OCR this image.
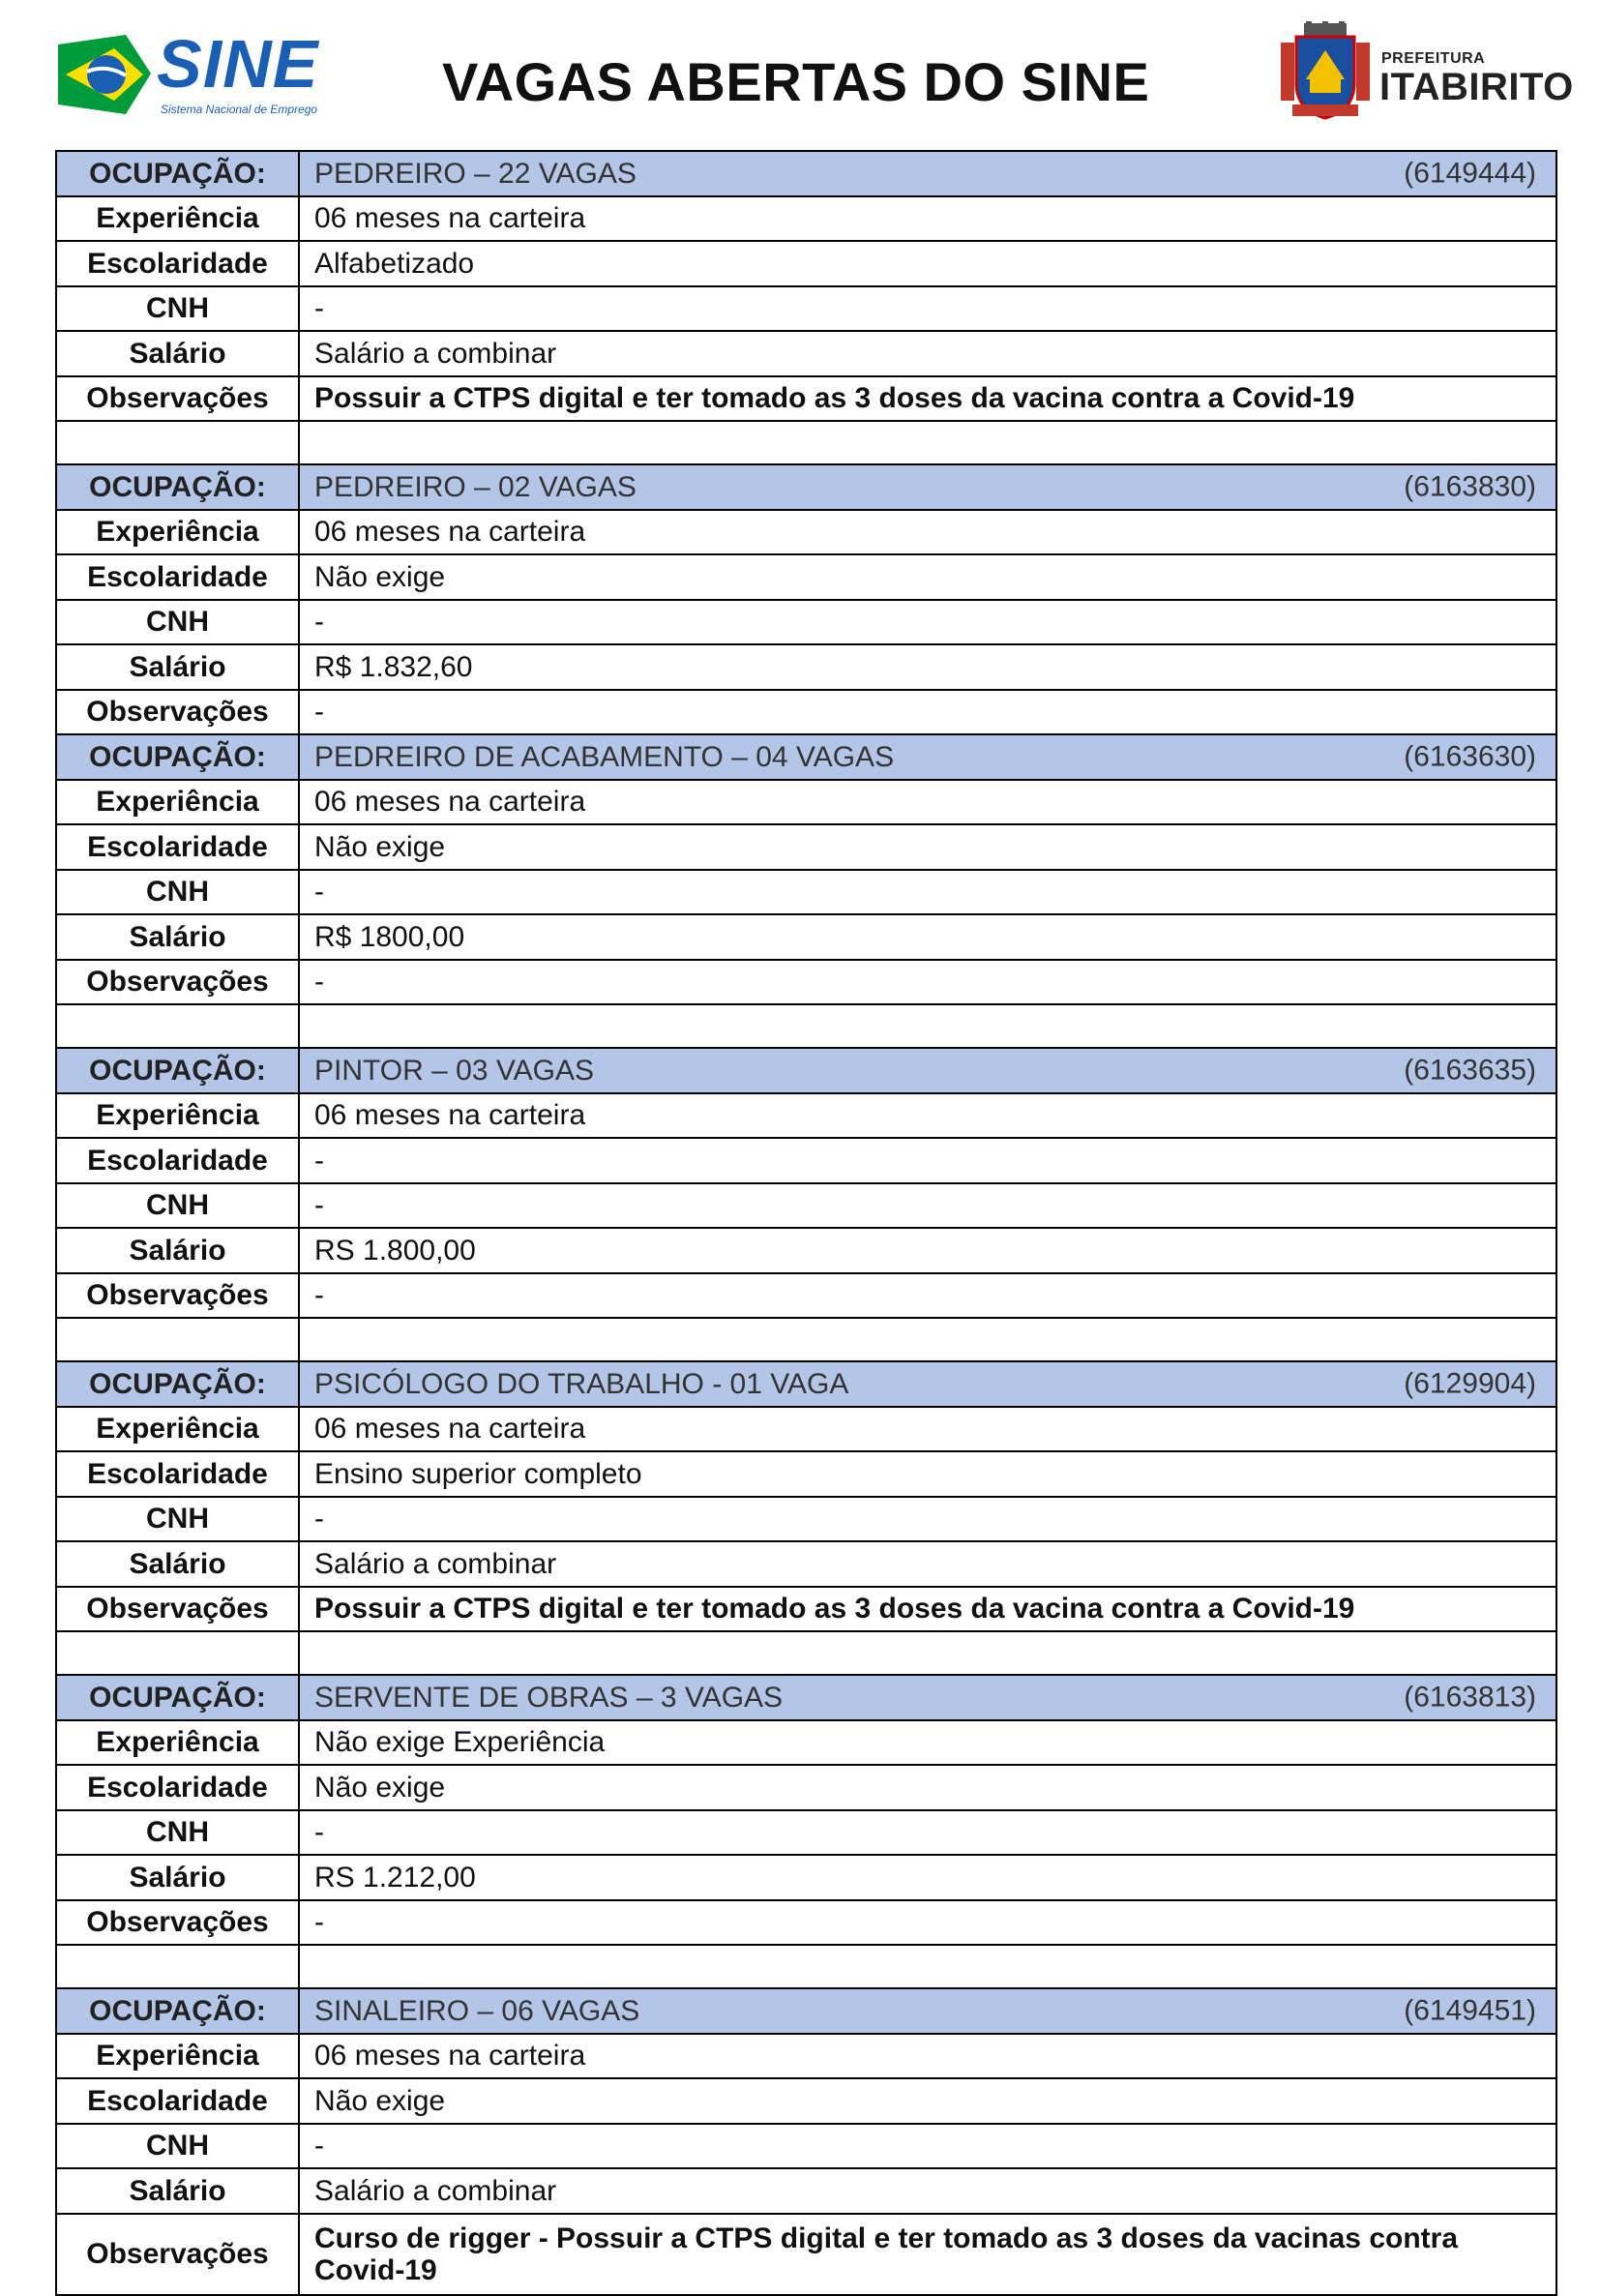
SINE
Sistema Nacional de Emprego VAGAS ABERTAS DO SINE	PREFEITURA
ITABIRITO
OCUPAÇÃO:	PEDREIRO – 22 VAGAS (6149444)

Experiência	06 meses na carteira
Escolaridade	Alfabetizado
CNH	-
Salário	Salário a combinar
Observações	Possuir a CTPS digital e ter tomado as 3 doses da vacina contra a Covid-19

OCUPAÇÃO:	PEDREIRO – 02 VAGAS (6163830)

Experiência	06 meses na carteira
Escolaridade	Não exige
CNH	-
Salário	R$ 1.832,60
Observações	-
OCUPAÇÃO:	PEDREIRO DE ACABAMENTO – 04 VAGAS (6163630)

Experiência	06 meses na carteira
Escolaridade	Não exige
CNH	-
Salário	R$ 1800,00
Observações	-

OCUPAÇÃO:	PINTOR – 03 VAGAS (6163635)

Experiência	06 meses na carteira
Escolaridade	-
CNH	-
Salário	RS 1.800,00
Observações	-

OCUPAÇÃO:	PSICÓLOGO DO TRABALHO - 01 VAGA (6129904)

Experiência	06 meses na carteira
Escolaridade	Ensino superior completo
CNH	-
Salário	Salário a combinar
Observações	Possuir a CTPS digital e ter tomado as 3 doses da vacina contra a Covid-19

OCUPAÇÃO:	SERVENTE DE OBRAS – 3 VAGAS (6163813)

Experiência	Não exige Experiência
Escolaridade	Não exige
CNH	-
Salário	RS 1.212,00
Observações	-

OCUPAÇÃO:	SINALEIRO – 06 VAGAS (6149451)

Experiência	06 meses na carteira
Escolaridade	Não exige
CNH	-
Salário	Salário a combinar
Observações	Curso de rigger - Possuir a CTPS digital e ter tomado as 3 doses da vacinas contra Covid-19
